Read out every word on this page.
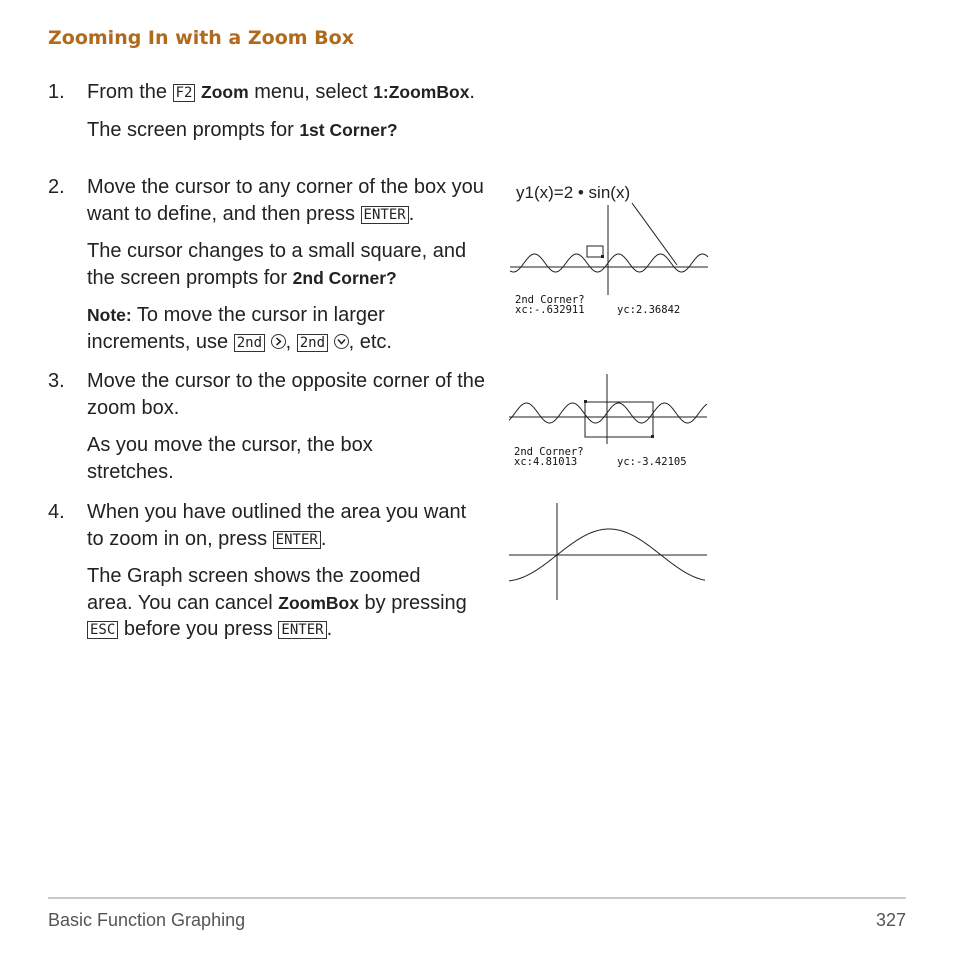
Zooming In with a Zoom Box
1. From the F2 Zoom menu, select 1:ZoomBox.
The screen prompts for 1st Corner?
2. Move the cursor to any corner of the box you want to define, and then press ENTER .
The cursor changes to a small square, and the screen prompts for 2nd Corner?
Note: To move the cursor in larger increments, use 2nd , 2nd , etc.
3. Move the cursor to the opposite corner of the zoom box.
As you move the cursor, the box stretches.
4. When you have outlined the area you want to zoom in on, press ENTER .
The Graph screen shows the zoomed area. You can cancel ZoomBox by pressing ESC before you press ENTER .
y1(x)=2 • sin(x)
2nd Corner?
xc:-.632911	yc:2.36842
2nd Corner?
xc:4.81013	yc:-3.42105
Basic Function Graphing	327
